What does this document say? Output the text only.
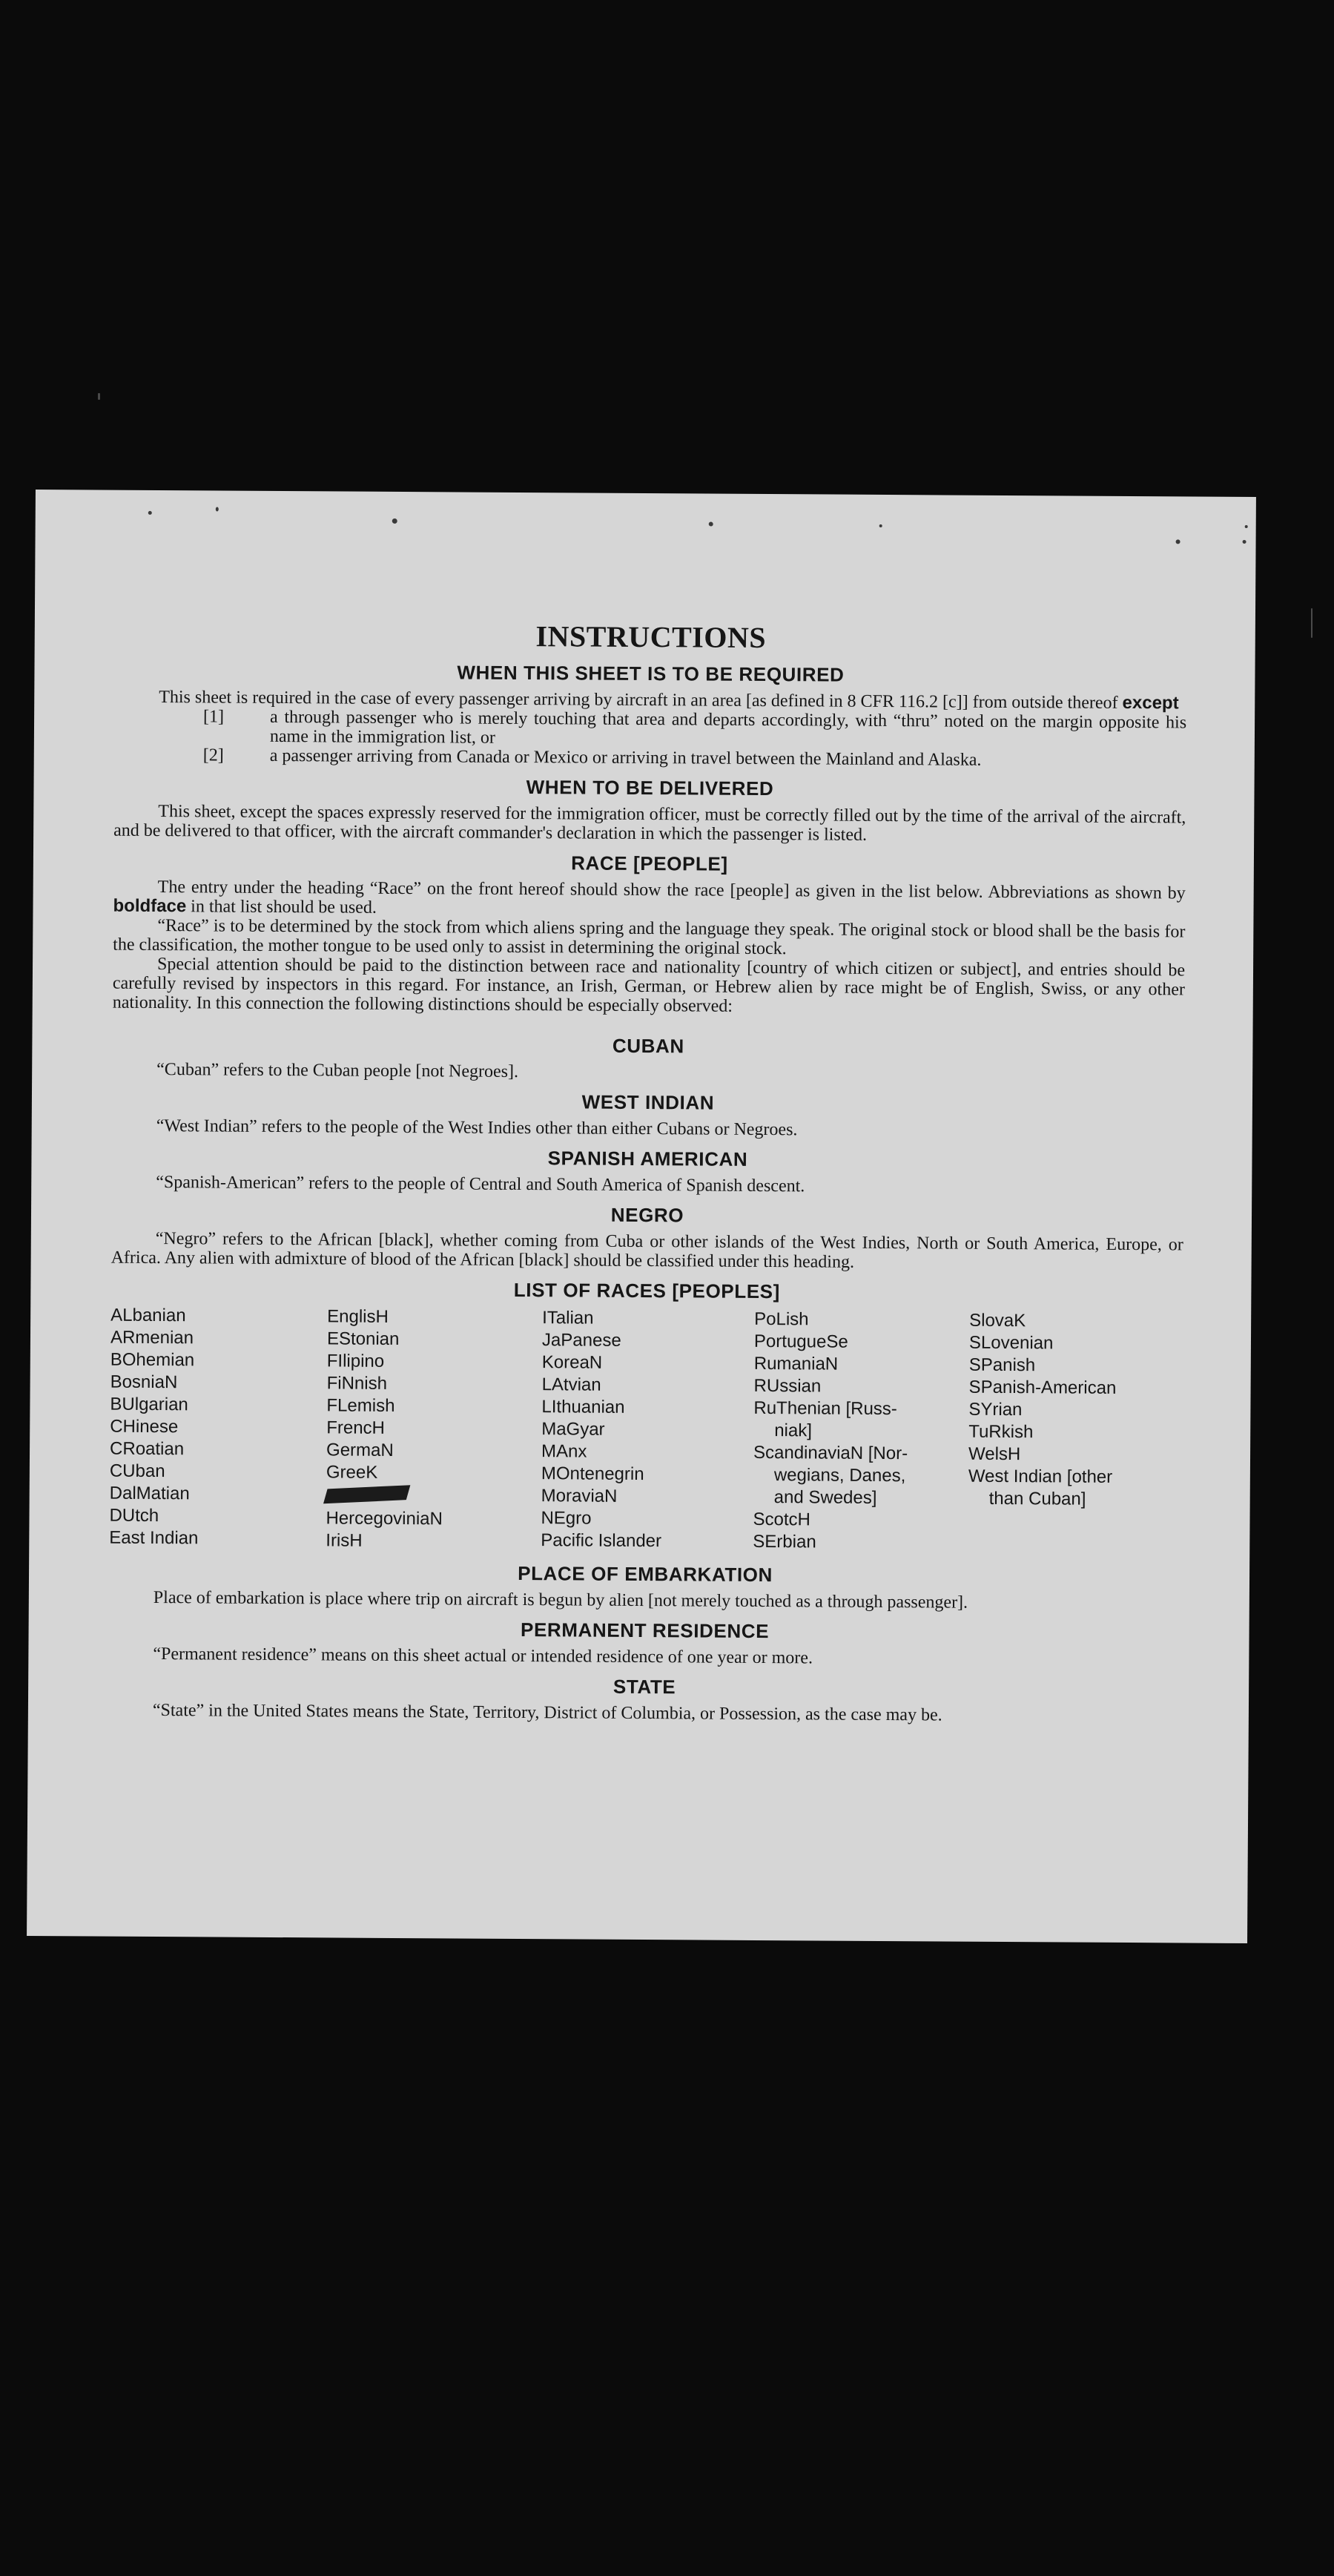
INSTRUCTIONS
WHEN THIS SHEET IS TO BE REQUIRED

This sheet is required in the case of every passenger arriving by aircraft in an area [as defined in 8 CFR 116.2 [c]] from outside thereof except

[1]	a through passenger who is merely touching that area and departs accordingly, with “thru” noted on the margin opposite his name in the immigration list, or
[2]	a passenger arriving from Canada or Mexico or arriving in travel between the Mainland and Alaska.
WHEN TO BE DELIVERED

This sheet, except the spaces expressly reserved for the immigration officer, must be correctly filled out by the time of the arrival of the aircraft, and be delivered to that officer, with the aircraft commander's declaration in which the passenger is listed.

RACE [PEOPLE]

The entry under the heading “Race” on the front hereof should show the race [people] as given in the list below. Abbreviations as shown by boldface in that list should be used.

“Race” is to be determined by the stock from which aliens spring and the language they speak. The original stock or blood shall be the basis for the classification, the mother tongue to be used only to assist in determining the original stock.

Special attention should be paid to the distinction between race and nationality [country of which citizen or subject], and entries should be carefully revised by inspectors in this regard. For instance, an Irish, German, or Hebrew alien by race might be of English, Swiss, or any other nationality. In this connection the following distinctions should be especially observed:

CUBAN

“Cuban” refers to the Cuban people [not Negroes].

WEST INDIAN

“West Indian” refers to the people of the West Indies other than either Cubans or Negroes.

SPANISH AMERICAN

“Spanish-American” refers to the people of Central and South America of Spanish descent.

NEGRO

“Negro” refers to the African [black], whether coming from Cuba or other islands of the West Indies, North or South America, Europe, or Africa. Any alien with admixture of blood of the African [black] should be classified under this heading.

LIST OF RACES [PEOPLES]
ALbanian
ARmenian
BOhemian
BosniaN
BUlgarian
CHinese
CRoatian
CUban
DalMatian
DUtch
East Indian
EnglisH
EStonian
FIlipino
FiNnish
FLemish
FrencH
GermaN
GreeK
HercegoviniaN
IrisH
ITalian
JaPanese
KoreaN
LAtvian
LIthuanian
MaGyar
MAnx
MOntenegrin
MoraviaN
NEgro
Pacific Islander
PoLish
PortugueSe
RumaniaN
RUssian
RuThenian [Russ-
niak]
ScandinaviaN [Nor-
wegians, Danes,
and Swedes]
ScotcH
SErbian
SlovaK
SLovenian
SPanish
SPanish-American
SYrian
TuRkish
WelsH
West Indian [other
than Cuban]
PLACE OF EMBARKATION

Place of embarkation is place where trip on aircraft is begun by alien [not merely touched as a through passenger].

PERMANENT RESIDENCE

“Permanent residence” means on this sheet actual or intended residence of one year or more.

STATE

“State” in the United States means the State, Territory, District of Columbia, or Possession, as the case may be.
